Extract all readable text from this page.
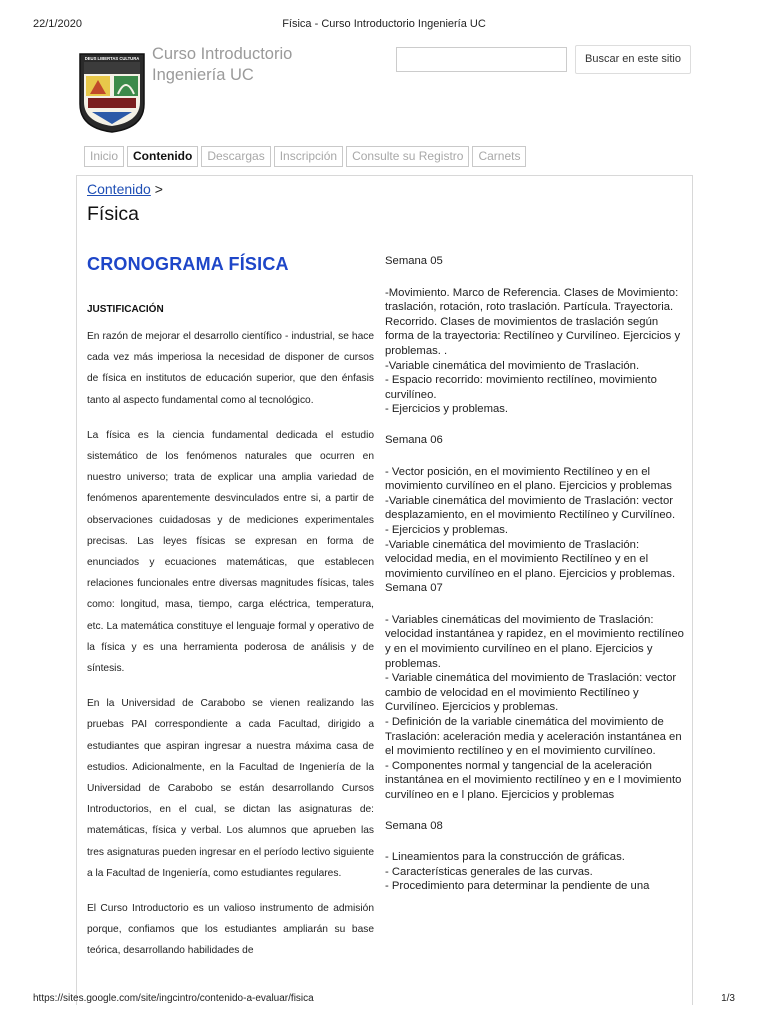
22/1/2020	Física - Curso Introductorio Ingeniería UC
DEUS LIBERTAS CULTURA Curso Introductorio
Ingeniería UC
Buscar en este sitio
Inicio	Contenido	Descargas	Inscripción	Consulte su Registro	Carnets
Contenido >
Física
CRONOGRAMA FÍSICA
JUSTIFICACIÓN

En razón de mejorar el desarrollo científico - industrial, se hace cada vez más imperiosa la necesidad de disponer de cursos de física en institutos de educación superior, que den énfasis tanto al aspecto fundamental como al tecnológico.

La física es la ciencia fundamental dedicada el estudio sistemático de los fenómenos naturales que ocurren en nuestro universo; trata de explicar una amplia variedad de fenómenos aparentemente desvinculados entre si, a partir de observaciones cuidadosas y de mediciones experimentales precisas. Las leyes físicas se expresan en forma de enunciados y ecuaciones matemáticas, que establecen relaciones funcionales entre diversas magnitudes físicas, tales como: longitud, masa, tiempo, carga eléctrica, temperatura, etc. La matemática constituye el lenguaje formal y operativo de la física y es una herramienta poderosa de análisis y de síntesis.

En la Universidad de Carabobo se vienen realizando las pruebas PAI correspondiente a cada Facultad, dirigido a estudiantes que aspiran ingresar a nuestra máxima casa de estudios. Adicionalmente, en la Facultad de Ingeniería de la Universidad de Carabobo se están desarrollando Cursos Introductorios, en el cual, se dictan las asignaturas de: matemáticas, física y verbal. Los alumnos que aprueben las tres asignaturas pueden ingresar en el período lectivo siguiente a la Facultad de Ingeniería, como estudiantes regulares.

El Curso Introductorio es un valioso instrumento de admisión porque, confiamos que los estudiantes ampliarán su base teórica, desarrollando habilidades de

Semana 05
-Movimiento. Marco de Referencia. Clases de Movimiento: traslación, rotación, roto traslación. Partícula. Trayectoria. Recorrido. Clases de movimientos de traslación según forma de la trayectoria: Rectilíneo y Curvilíneo. Ejercicios y problemas. .
-Variable cinemática del movimiento de Traslación.
- Espacio recorrido: movimiento rectilíneo, movimiento curvilíneo.
- Ejercicios y problemas.
Semana 06
- Vector posición, en el movimiento Rectilíneo y en el movimiento curvilíneo en el plano. Ejercicios y problemas
-Variable cinemática del movimiento de Traslación: vector desplazamiento, en el movimiento Rectilíneo y Curvilíneo.
- Ejercicios y problemas.
-Variable cinemática del movimiento de Traslación: velocidad media, en el movimiento Rectilíneo y en el movimiento curvilíneo en el plano. Ejercicios y problemas.
Semana 07
- Variables cinemáticas del movimiento de Traslación: velocidad instantánea y rapidez, en el movimiento rectilíneo y en el movimiento curvilíneo en el plano. Ejercicios y problemas.
- Variable cinemática del movimiento de Traslación: vector cambio de velocidad en el movimiento Rectilíneo y Curvilíneo. Ejercicios y problemas.
- Definición de la variable cinemática del movimiento de Traslación: aceleración media y aceleración instantánea en el movimiento rectilíneo y en el movimiento curvilíneo.
- Componentes normal y tangencial de la aceleración instantánea en el movimiento rectilíneo y en e l movimiento curvilíneo en e l plano. Ejercicios y problemas
Semana 08
- Lineamientos para la construcción de gráficas.
- Características generales de las curvas.
- Procedimiento para determinar la pendiente de una
https://sites.google.com/site/ingcintro/contenido-a-evaluar/fisica	1/3
